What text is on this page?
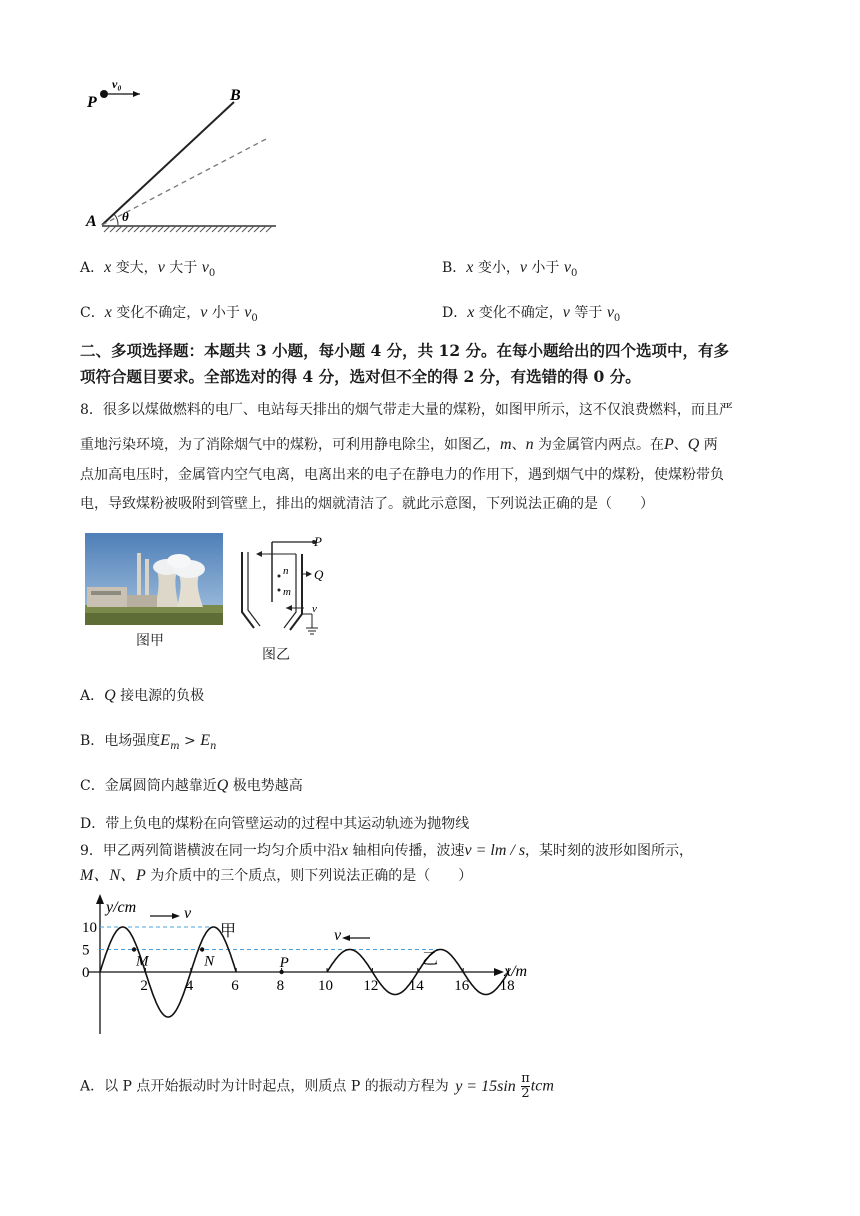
v₀
P	B
A θ
A．x 变大，v 大于 $v_0$	B．x 变小，v 小于 $v_0$
C．x 变化不确定，v 小于 $v_0$	D．x 变化不确定，v 等于 $v_0$
二、多项选择题：本题共 3 小题，每小题 4 分，共 12 分。在每小题给出的四个选项中，有多
项符合题目要求。全部选对的得 4 分，选对但不全的得 2 分，有选错的得 0 分。
8．很多以煤做燃料的电厂、电站每天排出的烟气带走大量的煤粉，如图甲所示，这不仅浪费燃料，而且严
重地污染环境，为了消除烟气中的煤粉，可利用静电除尘，如图乙，m、n 为金属管内两点。在P、Q 两
点加高电压时，金属管内空气电离，电离出来的电子在静电力的作用下，遇到烟气中的煤粉，使煤粉带负
电，导致煤粉被吸附到管壁上，排出的烟就清洁了。就此示意图，下列说法正确的是（　　）
图甲
P
Q
n
m
v
图乙
A．Q 接电源的负极
B．电场强度$E_m > E_n$
C．金属圆筒内越靠近Q 极电势越高
D．带上负电的煤粉在向管壁运动的过程中其运动轨迹为抛物线
9．甲乙两列简谐横波在同一均匀介质中沿x 轴相向传播，波速v = lm / s，某时刻的波形如图所示，
M、N、P 为介质中的三个质点，则下列说法正确的是（　　）
10
5
0
2	4	6	8 10 12 14 16 18
M	N	P
y/cm
x/m
v
v
甲
乙
A．以 P 点开始振动时为计时起点，则质点 P 的振动方程为 $y = 15\sin \frac{\pi}{2}$ tcm
